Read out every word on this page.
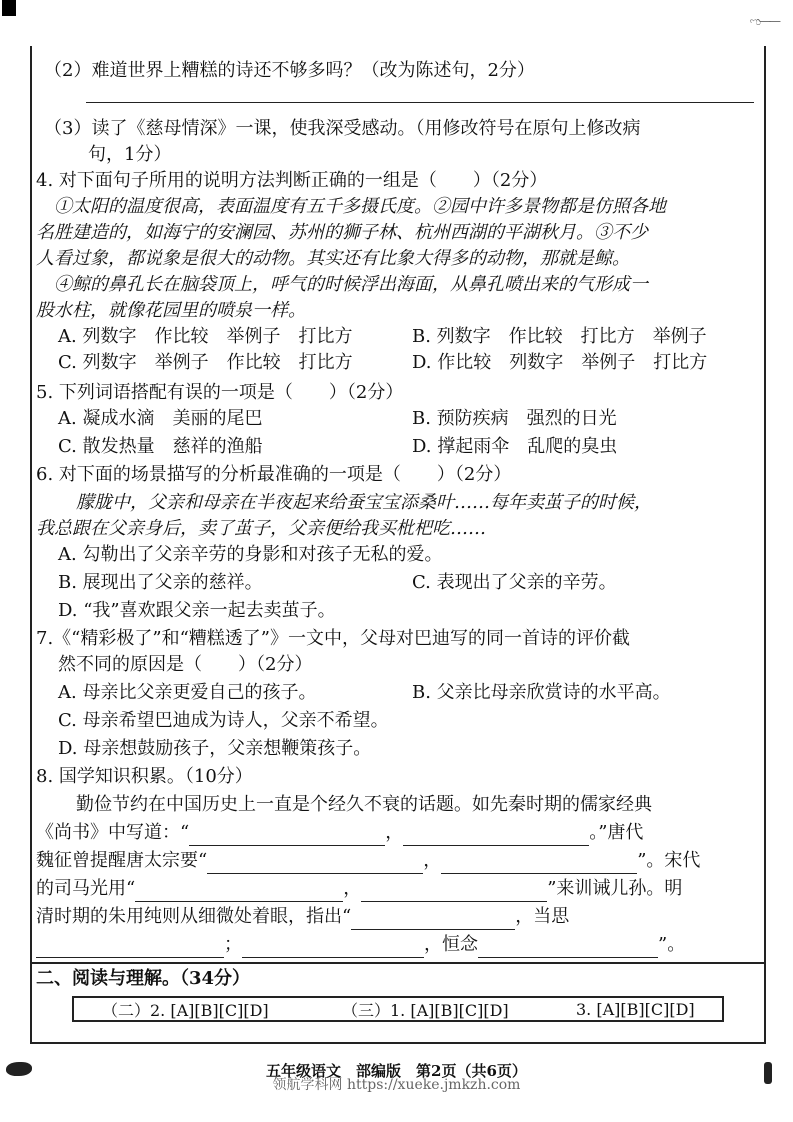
ಌ——
（2）难道世界上糟糕的诗还不够多吗？（改为陈述句，2分）
（3）读了《慈母情深》一课，使我深受感动。（用修改符号在原句上修改病
句，1分）
4. 对下面句子所用的说明方法判断正确的一组是（　　）（2分）
①太阳的温度很高，表面温度有五千多摄氏度。②园中许多景物都是仿照各地
名胜建造的，如海宁的安澜园、苏州的狮子林、杭州西湖的平湖秋月。③不少
人看过象，都说象是很大的动物。其实还有比象大得多的动物，那就是鲸。
④鲸的鼻孔长在脑袋顶上，呼气的时候浮出海面，从鼻孔喷出来的气形成一
股水柱，就像花园里的喷泉一样。
A. 列数字　作比较　举例子　打比方	B. 列数字　作比较　打比方　举例子
C. 列数字　举例子　作比较　打比方	D. 作比较　列数字　举例子　打比方
5. 下列词语搭配有误的一项是（　　）（2分）
A. 凝成水滴　美丽的尾巴	B. 预防疾病　强烈的日光
C. 散发热量　慈祥的渔船	D. 撑起雨伞　乱爬的臭虫
6. 对下面的场景描写的分析最准确的一项是（　　）（2分）
朦胧中，父亲和母亲在半夜起来给蚕宝宝添桑叶……每年卖茧子的时候，
我总跟在父亲身后，卖了茧子，父亲便给我买枇杷吃……
A. 勾勒出了父亲辛劳的身影和对孩子无私的爱。
B. 展现出了父亲的慈祥。	C. 表现出了父亲的辛劳。
D. “我”喜欢跟父亲一起去卖茧子。
7.《“精彩极了”和“糟糕透了”》一文中，父母对巴迪写的同一首诗的评价截
然不同的原因是（　　）（2分）
A. 母亲比父亲更爱自己的孩子。	B. 父亲比母亲欣赏诗的水平高。
C. 母亲希望巴迪成为诗人，父亲不希望。
D. 母亲想鼓励孩子，父亲想鞭策孩子。
8. 国学知识积累。（10分）
勤俭节约在中国历史上一直是个经久不衰的话题。如先秦时期的儒家经典
《尚书》中写道：“	，	。”唐代
魏征曾提醒唐太宗要“	，	”。宋代
的司马光用“	，	”来训诫儿孙。明
清时期的朱用纯则从细微处着眼，指出“	，当思
；	，恒念	”。
二、阅读与理解。（34分）
（二）2. [A][B][C][D]	（三）1. [A][B][C][D]	3. [A][B][C][D]
五年级语文　部编版　第2页（共6页）
领航学科网 https://xueke.jmkzh.com
